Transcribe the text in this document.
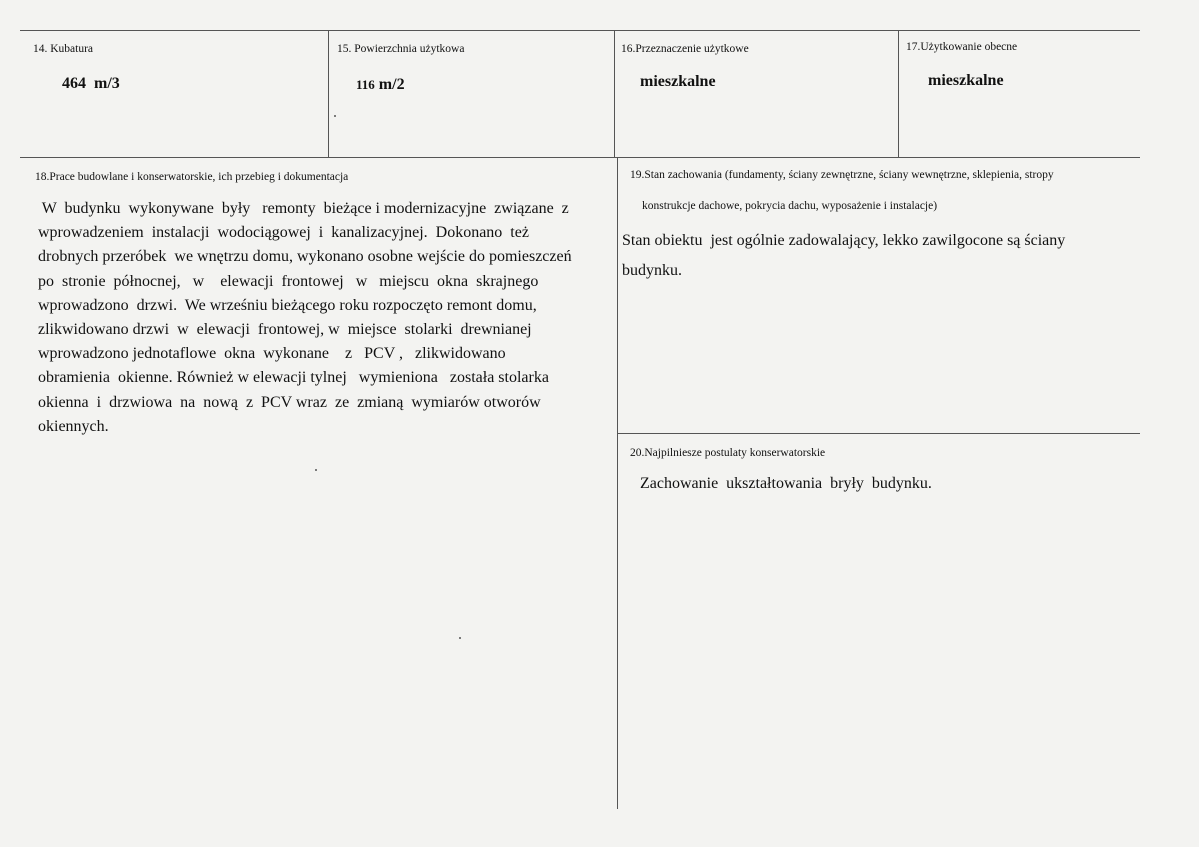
14. Kubatura
464  m/3
15. Powierzchnia użytkowa
116 m/2
16.Przeznaczenie użytkowe
mieszkalne
17.Użytkowanie obecne
mieszkalne
18.Prace budowlane i konserwatorskie, ich przebieg i dokumentacja
W  budynku  wykonywane  były   remonty  bieżące i modernizacyjne  związane  z
wprowadzeniem  instalacji  wodociągowej  i  kanalizacyjnej.  Dokonano  też
drobnych przeróbek  we wnętrzu domu, wykonano osobne wejście do pomieszczeń
po  stronie  północnej,   w    elewacji  frontowej   w   miejscu  okna  skrajnego
wprowadzono  drzwi.  We wrześniu bieżącego roku rozpoczęto remont domu,
zlikwidowano drzwi  w  elewacji  frontowej, w  miejsce  stolarki  drewnianej
wprowadzono jednotaflowe  okna  wykonane    z   PCV ,   zlikwidowano
obramienia  okienne. Również w elewacji tylnej   wymieniona   została stolarka
okienna  i  drzwiowa  na  nową  z  PCV wraz  ze  zmianą  wymiarów otworów
okiennych.
19.Stan zachowania (fundamenty, ściany zewnętrzne, ściany wewnętrzne, sklepienia, stropy
konstrukcje dachowe, pokrycia dachu, wyposażenie i instalacje)
Stan obiektu  jest ogólnie zadowalający, lekko zawilgocone są ściany
budynku.
20.Najpilniesze postulaty konserwatorskie
Zachowanie  ukształtowania  bryły  budynku.
